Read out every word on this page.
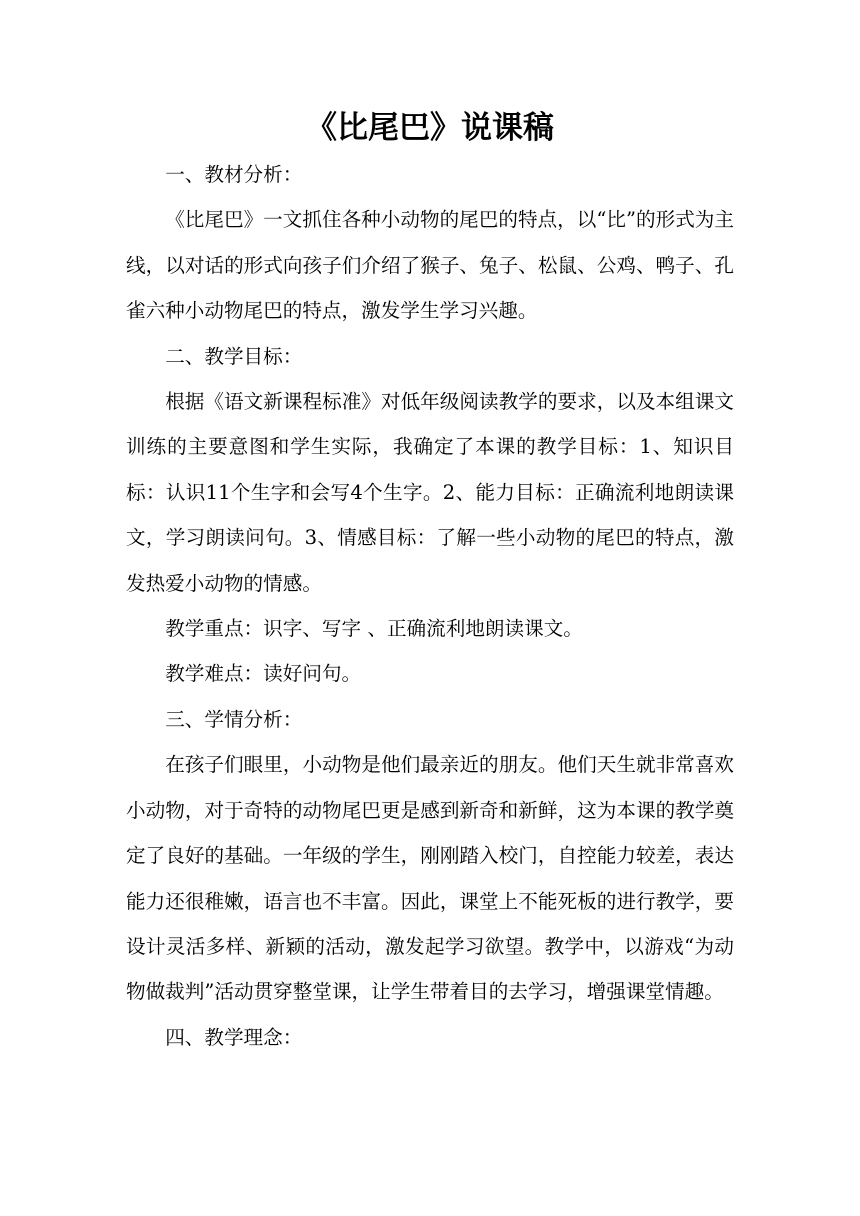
《比尾巴》说课稿

一、教材分析：

《比尾巴》一文抓住各种小动物的尾巴的特点，以“比”的形式为主线，以对话的形式向孩子们介绍了猴子、兔子、松鼠、公鸡、鸭子、孔雀六种小动物尾巴的特点，激发学生学习兴趣。

二、教学目标：

根据《语文新课程标准》对低年级阅读教学的要求，以及本组课文训练的主要意图和学生实际，我确定了本课的教学目标：1、知识目标：认识11个生字和会写4个生字。2、能力目标：正确流利地朗读课文，学习朗读问句。3、情感目标：了解一些小动物的尾巴的特点，激发热爱小动物的情感。

教学重点：识字、写字 、正确流利地朗读课文。

教学难点：读好问句。

三、学情分析：

在孩子们眼里，小动物是他们最亲近的朋友。他们天生就非常喜欢小动物，对于奇特的动物尾巴更是感到新奇和新鲜，这为本课的教学奠定了良好的基础。一年级的学生，刚刚踏入校门，自控能力较差，表达能力还很稚嫩，语言也不丰富。因此，课堂上不能死板的进行教学，要设计灵活多样、新颖的活动，激发起学习欲望。教学中，以游戏“为动物做裁判”活动贯穿整堂课，让学生带着目的去学习，增强课堂情趣。

四、教学理念：
